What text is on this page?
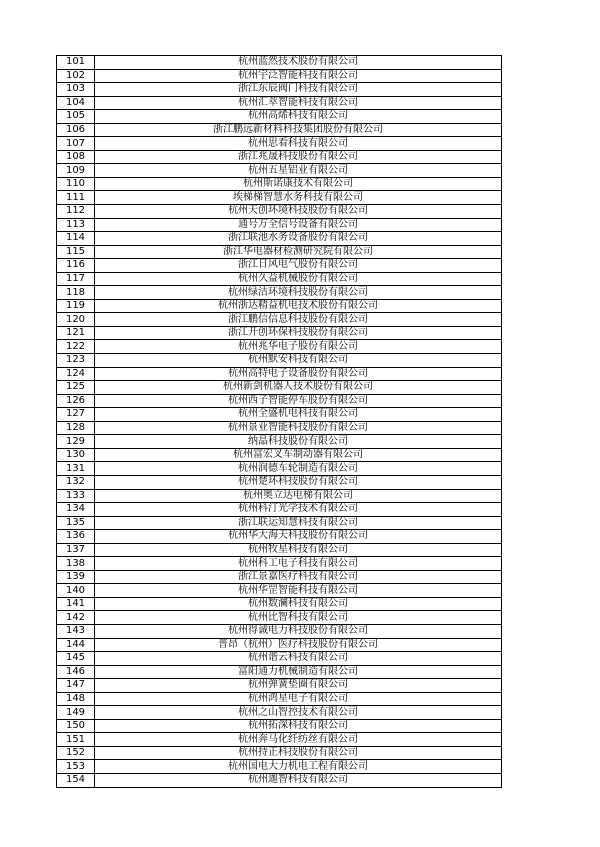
101	杭州蓝然技术股份有限公司
102	杭州宇泛智能科技有限公司
103	浙江东辰阀门科技有限公司
104	杭州汇萃智能科技有限公司
105	杭州高烯科技有限公司
106	浙江鹏远新材料科技集团股份有限公司
107	杭州思看科技有限公司
108	浙江兆晟科技股份有限公司
109	杭州五星铝业有限公司
110	杭州斯诺康技术有限公司
111	埃梯梯智慧水务科技有限公司
112	杭州天创环境科技股份有限公司
113	通号万全信号设备有限公司
114	浙江联池水务设备股份有限公司
115	浙江华电器材检测研究院有限公司
116	浙江日风电气股份有限公司
117	杭州久益机械股份有限公司
118	杭州绿洁环境科技股份有限公司
119	杭州浙达精益机电技术股份有限公司
120	浙江鹏信信息科技股份有限公司
121	浙江开创环保科技股份有限公司
122	杭州兆华电子股份有限公司
123	杭州默安科技有限公司
124	杭州高特电子设备股份有限公司
125	杭州新剑机器人技术股份有限公司
126	杭州西子智能停车股份有限公司
127	杭州全盛机电科技有限公司
128	杭州景业智能科技股份有限公司
129	纳晶科技股份有限公司
130	杭州富宏叉车制动器有限公司
131	杭州润德车轮制造有限公司
132	杭州楚环科技股份有限公司
133	杭州奥立达电梯有限公司
134	杭州科汀光学技术有限公司
135	浙江联运知慧科技有限公司
136	杭州华大海天科技股份有限公司
137	杭州牧星科技有限公司
138	杭州科工电子科技有限公司
139	浙江景嘉医疗科技有限公司
140	杭州华罡智能科技有限公司
141	杭州数澜科技有限公司
142	杭州比智科技有限公司
143	杭州得诚电力科技股份有限公司
144	普昂（杭州）医疗科技股份有限公司
145	杭州谐云科技有限公司
146	富阳通力机械制造有限公司
147	杭州弹簧垫圈有限公司
148	杭州鸿星电子有限公司
149	杭州之山智控技术有限公司
150	杭州拓深科技有限公司
151	杭州奔马化纤纺丝有限公司
152	杭州持正科技股份有限公司
153	杭州国电大力机电工程有限公司
154	杭州迦智科技有限公司
